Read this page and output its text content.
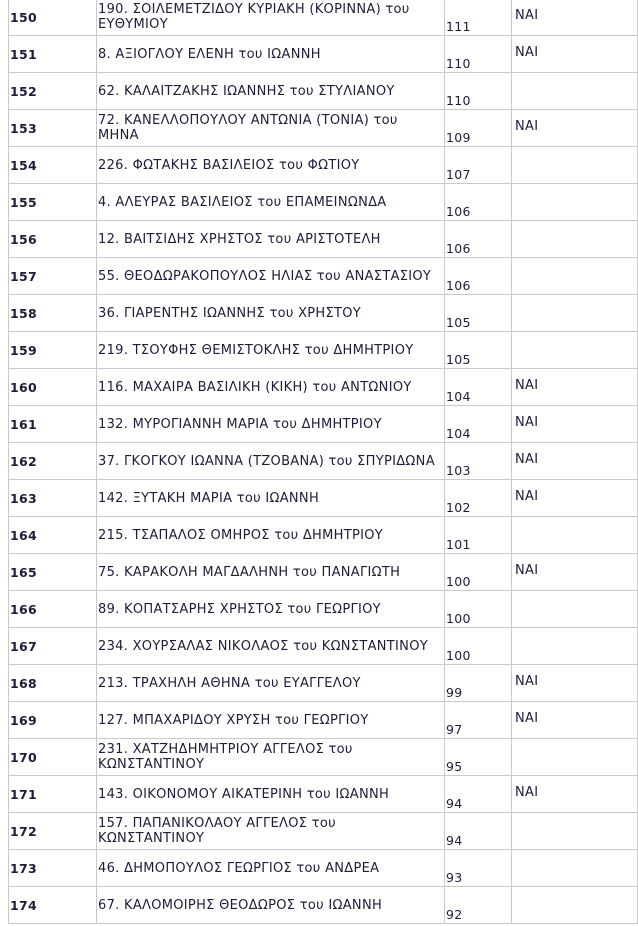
150	190. ΣΟΙΛΕΜΕΤΖΙΔΟΥ ΚΥΡΙΑΚΗ (ΚΟΡΙΝΝΑ) του ΕΥΘΥΜΙΟΥ	111	ΝΑΙ
151	8. ΑΞΙΟΓΛΟΥ ΕΛΕΝΗ του ΙΩΑΝΝΗ	110	ΝΑΙ
152	62. ΚΑΛΑΙΤΖΑΚΗΣ ΙΩΑΝΝΗΣ του ΣΤΥΛΙΑΝΟΥ	110	
153	72. ΚΑΝΕΛΛΟΠΟΥΛΟΥ ΑΝΤΩΝΙΑ (ΤΟΝΙΑ) του ΜΗΝΑ	109	ΝΑΙ
154	226. ΦΩΤΑΚΗΣ ΒΑΣΙΛΕΙΟΣ του ΦΩΤΙΟΥ	107	
155	4. ΑΛΕΥΡΑΣ ΒΑΣΙΛΕΙΟΣ του ΕΠΑΜΕΙΝΩΝΔΑ	106	
156	12. ΒΑΙΤΣΙΔΗΣ ΧΡΗΣΤΟΣ του ΑΡΙΣΤΟΤΕΛΗ	106	
157	55. ΘΕΟΔΩΡΑΚΟΠΟΥΛΟΣ ΗΛΙΑΣ του ΑΝΑΣΤΑΣΙΟΥ	106	
158	36. ΓΙΑΡΕΝΤΗΣ ΙΩΑΝΝΗΣ του ΧΡΗΣΤΟΥ	105	
159	219. ΤΣΟΥΦΗΣ ΘΕΜΙΣΤΟΚΛΗΣ του ΔΗΜΗΤΡΙΟΥ	105	
160	116. ΜΑΧΑΙΡΑ ΒΑΣΙΛΙΚΗ (ΚΙΚΗ) του ΑΝΤΩΝΙΟΥ	104	ΝΑΙ
161	132. ΜΥΡΟΓΙΑΝΝΗ ΜΑΡΙΑ του ΔΗΜΗΤΡΙΟΥ	104	ΝΑΙ
162	37. ΓΚΟΓΚΟΥ ΙΩΑΝΝΑ (ΤΖΟΒΑΝΑ) του ΣΠΥΡΙΔΩΝΑ	103	ΝΑΙ
163	142. ΞΥΤΑΚΗ ΜΑΡΙΑ του ΙΩΑΝΝΗ	102	ΝΑΙ
164	215. ΤΣΑΠΑΛΟΣ ΟΜΗΡΟΣ του ΔΗΜΗΤΡΙΟΥ	101	
165	75. ΚΑΡΑΚΟΛΗ ΜΑΓΔΑΛΗΝΗ του ΠΑΝΑΓΙΩΤΗ	100	ΝΑΙ
166	89. ΚΟΠΑΤΣΑΡΗΣ ΧΡΗΣΤΟΣ του ΓΕΩΡΓΙΟΥ	100	
167	234. ΧΟΥΡΣΑΛΑΣ ΝΙΚΟΛΑΟΣ του ΚΩΝΣΤΑΝΤΙΝΟΥ	100	
168	213. ΤΡΑΧΗΛΗ ΑΘΗΝΑ του ΕΥΑΓΓΕΛΟΥ	99	ΝΑΙ
169	127. ΜΠΑΧΑΡΙΔΟΥ ΧΡΥΣΗ του ΓΕΩΡΓΙΟΥ	97	ΝΑΙ
170	231. ΧΑΤΖΗΔΗΜΗΤΡΙΟΥ ΑΓΓΕΛΟΣ του ΚΩΝΣΤΑΝΤΙΝΟΥ	95	
171	143. ΟΙΚΟΝΟΜΟΥ ΑΙΚΑΤΕΡΙΝΗ του ΙΩΑΝΝΗ	94	ΝΑΙ
172	157. ΠΑΠΑΝΙΚΟΛΑΟΥ ΑΓΓΕΛΟΣ του ΚΩΝΣΤΑΝΤΙΝΟΥ	94	
173	46. ΔΗΜΟΠΟΥΛΟΣ ΓΕΩΡΓΙΟΣ του ΑΝΔΡΕΑ	93	
174	67. ΚΑΛΟΜΟΙΡΗΣ ΘΕΟΔΩΡΟΣ του ΙΩΑΝΝΗ	92	
